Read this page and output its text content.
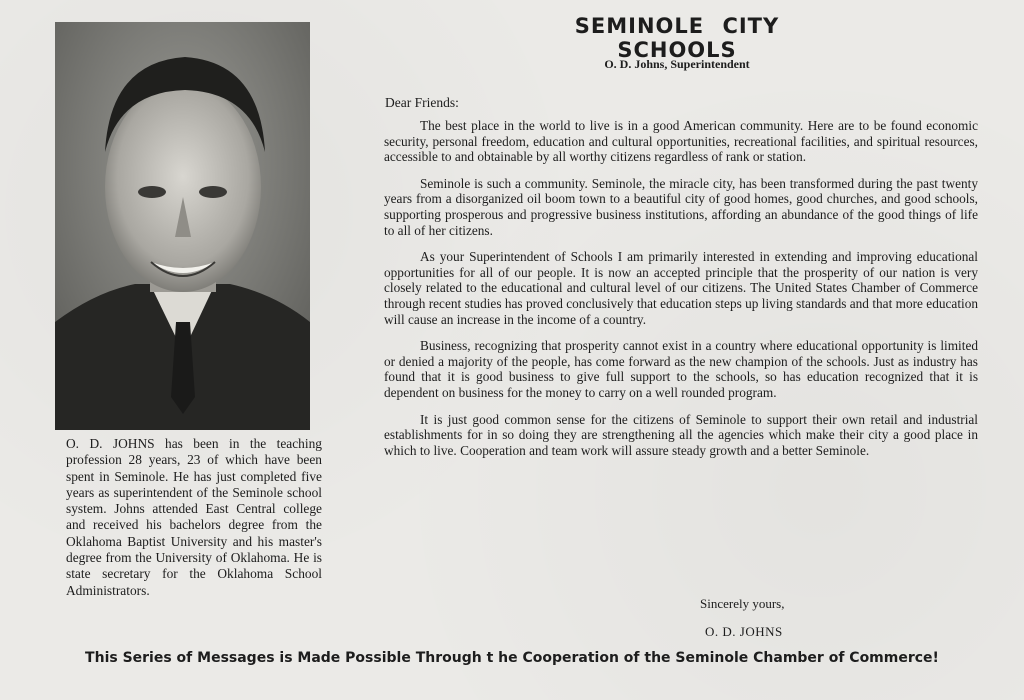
O. D. JOHNS has been in the teaching profession 28 years, 23 of which have been spent in Seminole. He has just completed five years as superintendent of the Seminole school system. Johns attended East Central college and received his bachelors degree from the Oklahoma Baptist University and his master's degree from the University of Oklahoma. He is state secretary for the Oklahoma School Administrators.

SEMINOLE CITY SCHOOLS

O. D. Johns, Superintendent

Dear Friends:

The best place in the world to live is in a good American community. Here are to be found economic security, personal freedom, education and cultural opportunities, recreational facilities, and spiritual resources, accessible to and obtainable by all worthy citizens regardless of rank or station.

Seminole is such a community. Seminole, the miracle city, has been transformed during the past twenty years from a disorganized oil boom town to a beautiful city of good homes, good churches, and good schools, supporting prosperous and progressive business institutions, affording an abundance of the good things of life to all of her citizens.

As your Superintendent of Schools I am primarily interested in extending and improving educational opportunities for all of our people. It is now an accepted principle that the prosperity of our nation is very closely related to the educational and cultural level of our citizens. The United States Chamber of Commerce through recent studies has proved conclusively that education steps up living standards and that more education will cause an increase in the income of a country.

Business, recognizing that prosperity cannot exist in a country where educational opportunity is limited or denied a majority of the people, has come forward as the new champion of the schools. Just as industry has found that it is good business to give full support to the schools, so has education recognized that it is dependent on business for the money to carry on a well rounded program.

It is just good common sense for the citizens of Seminole to support their own retail and industrial establishments for in so doing they are strengthening all the agencies which make their city a good place in which to live. Cooperation and team work will assure steady growth and a better Seminole.

Sincerely yours,

O. D. JOHNS

This Series of Messages is Made Possible Through t he Cooperation of the Seminole Chamber of Commerce!
